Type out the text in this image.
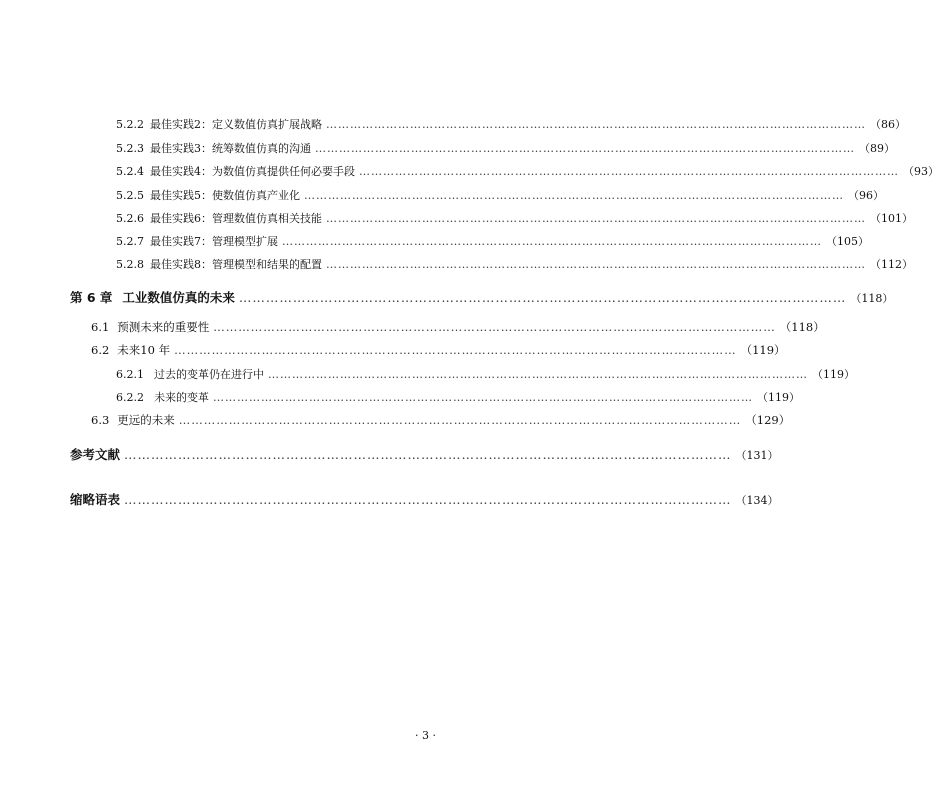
5.2.2 最佳实践2：定义数值仿真扩展战略 ……………………………………………………………………………………………………………………… （86）
5.2.3 最佳实践3：统筹数值仿真的沟通 ……………………………………………………………………………………………………………………… （89）
5.2.4 最佳实践4：为数值仿真提供任何必要手段 ……………………………………………………………………………………………………………………… （93）
5.2.5 最佳实践5：使数值仿真产业化 ……………………………………………………………………………………………………………………… （96）
5.2.6 最佳实践6：管理数值仿真相关技能 ……………………………………………………………………………………………………………………… （101）
5.2.7 最佳实践7：管理模型扩展 ……………………………………………………………………………………………………………………… （105）
5.2.8 最佳实践8：管理模型和结果的配置 ……………………………………………………………………………………………………………………… （112）
第 6 章 工业数值仿真的未来 ……………………………………………………………………………………………………………………… （118）
6.1 预测未来的重要性 ……………………………………………………………………………………………………………………… （118）
6.2 未来10 年 ……………………………………………………………………………………………………………………… （119）
6.2.1 过去的变革仍在进行中 ……………………………………………………………………………………………………………………… （119）
6.2.2 未来的变革 ……………………………………………………………………………………………………………………… （119）
6.3 更远的未来 ……………………………………………………………………………………………………………………… （129）
参考文献 ……………………………………………………………………………………………………………………… （131）
缩略语表 ……………………………………………………………………………………………………………………… （134）
· 3 ·
